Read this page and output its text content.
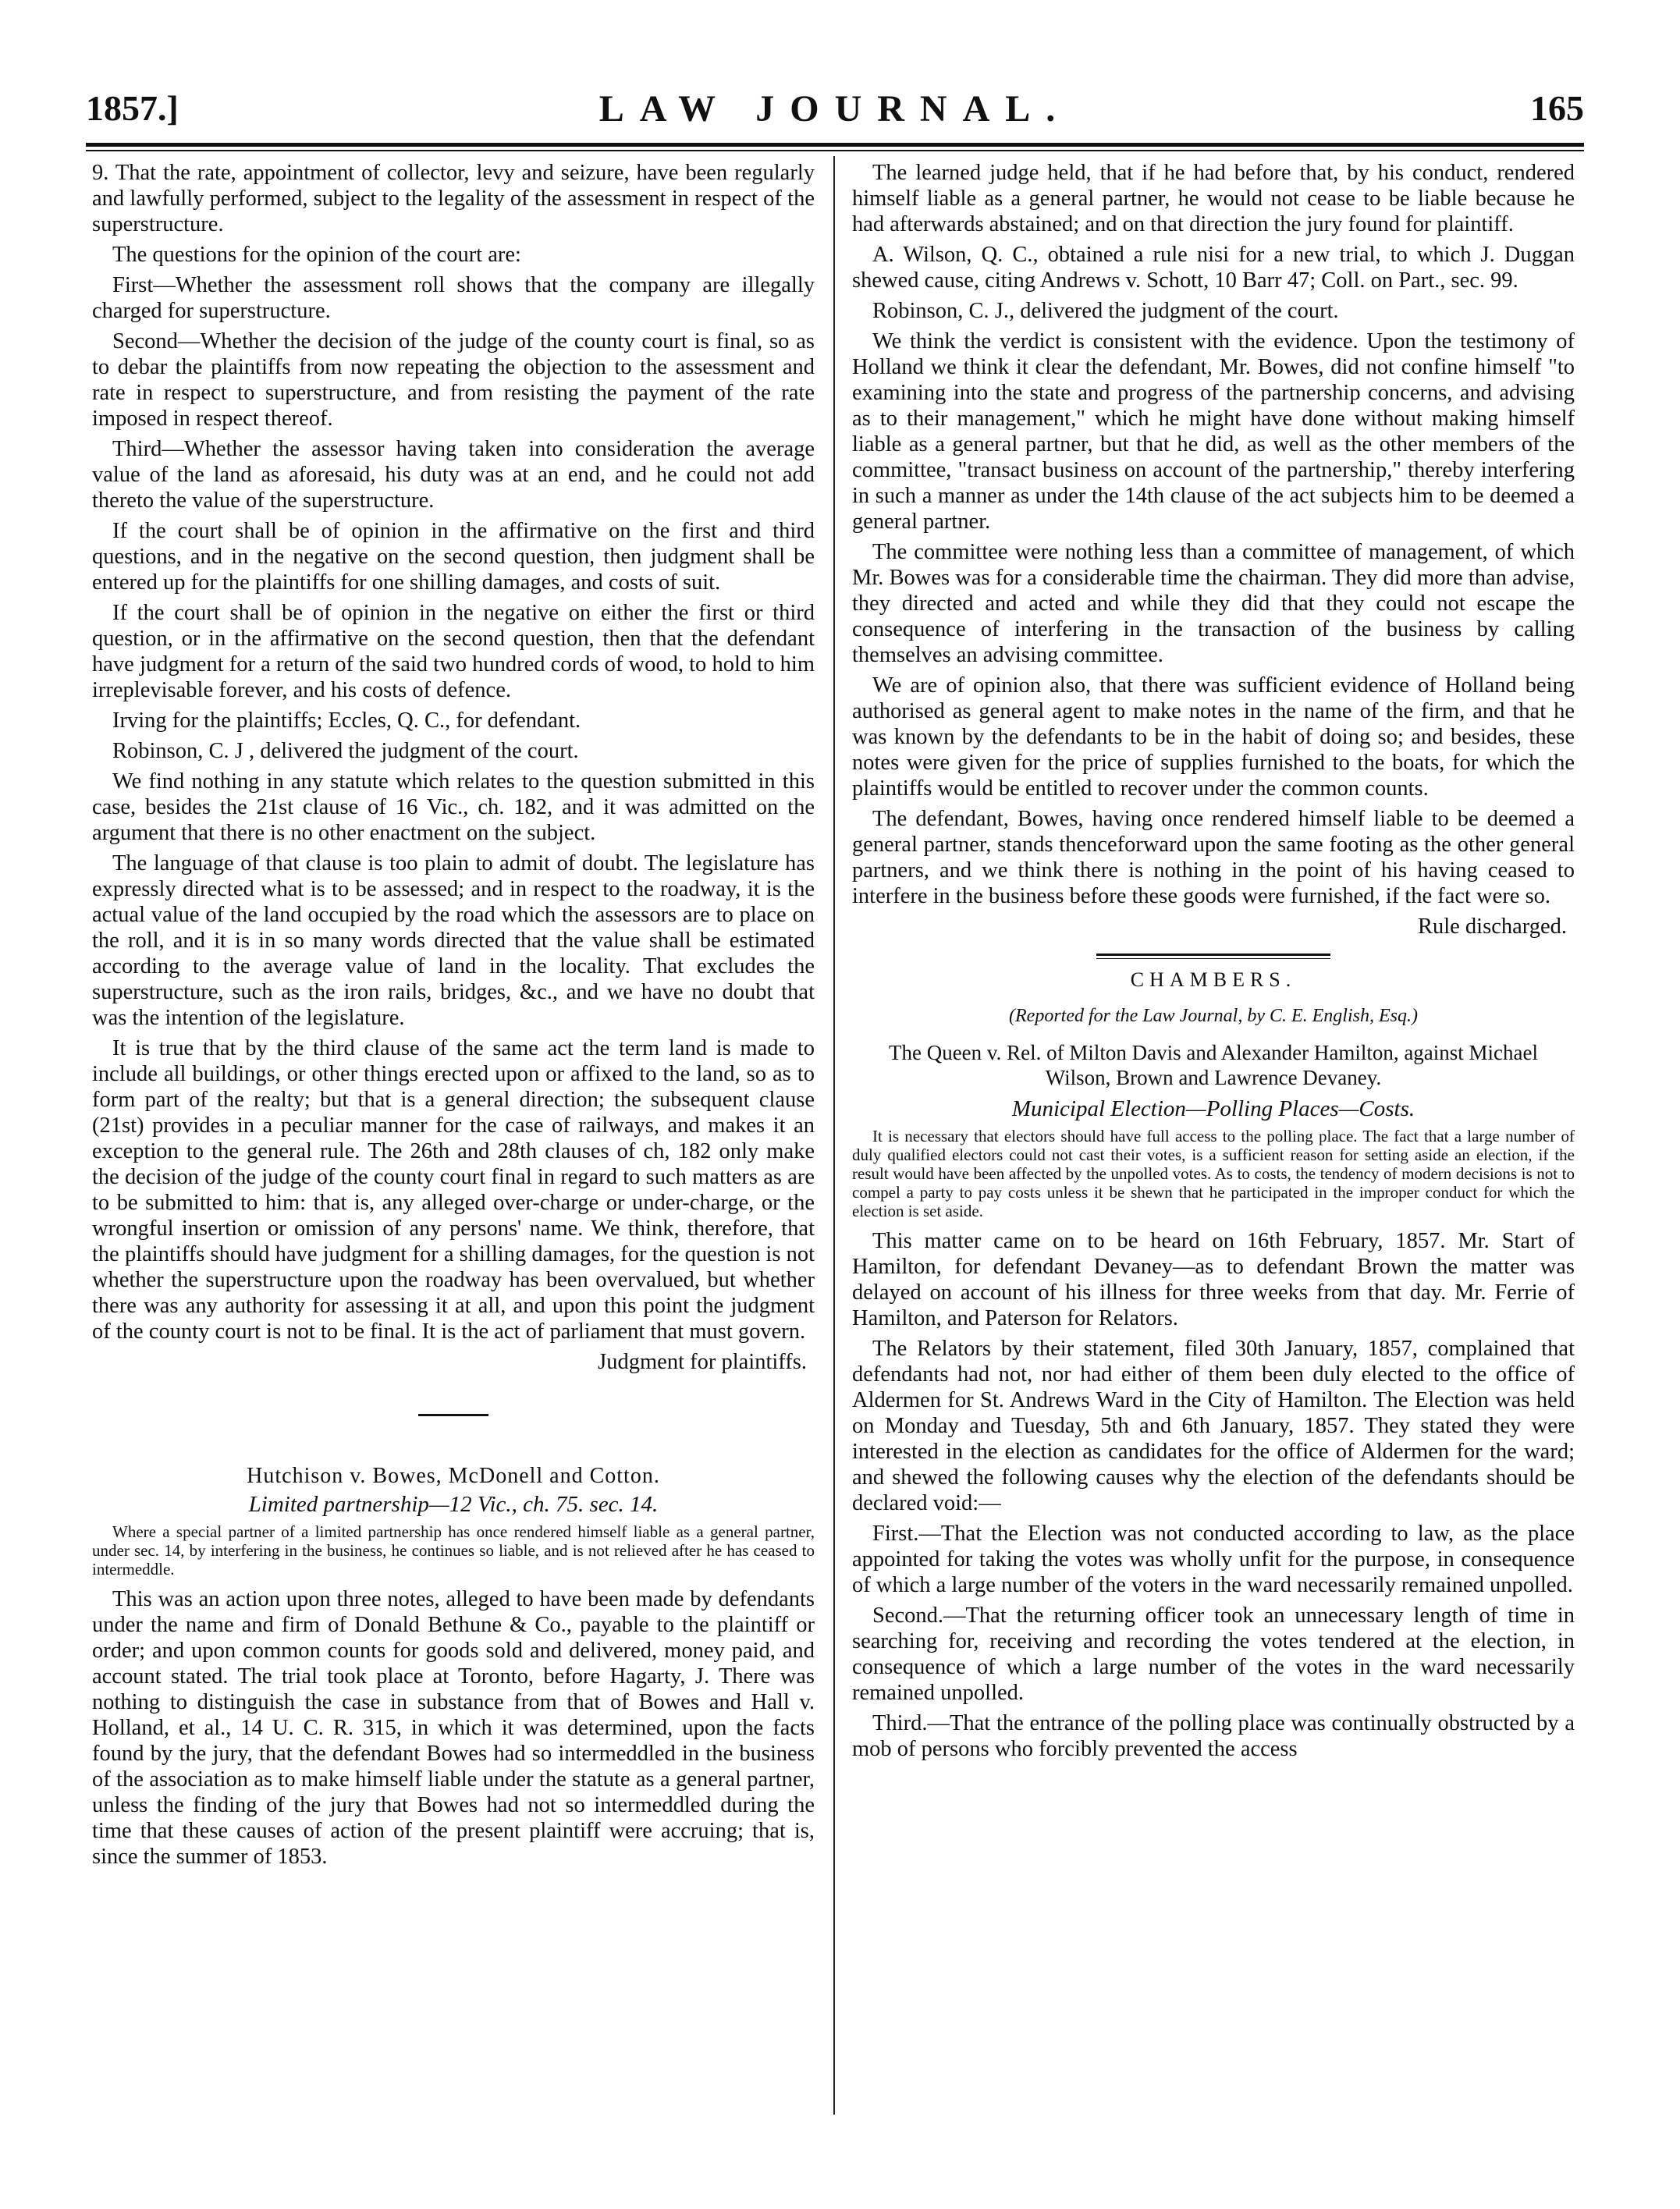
1857.]	LAW JOURNAL.	165

9. That the rate, appointment of collector, levy and seizure, have been regularly and lawfully performed, subject to the legality of the assessment in respect of the superstructure.

The questions for the opinion of the court are:

First—Whether the assessment roll shows that the company are illegally charged for superstructure.

Second—Whether the decision of the judge of the county court is final, so as to debar the plaintiffs from now repeating the objection to the assessment and rate in respect to superstructure, and from resisting the payment of the rate imposed in respect thereof.

Third—Whether the assessor having taken into consideration the average value of the land as aforesaid, his duty was at an end, and he could not add thereto the value of the superstructure.

If the court shall be of opinion in the affirmative on the first and third questions, and in the negative on the second question, then judgment shall be entered up for the plaintiffs for one shilling damages, and costs of suit.

If the court shall be of opinion in the negative on either the first or third question, or in the affirmative on the second question, then that the defendant have judgment for a return of the said two hundred cords of wood, to hold to him irreplevisable forever, and his costs of defence.

Irving for the plaintiffs; Eccles, Q. C., for defendant.

Robinson, C. J , delivered the judgment of the court.

We find nothing in any statute which relates to the question submitted in this case, besides the 21st clause of 16 Vic., ch. 182, and it was admitted on the argument that there is no other enactment on the subject.

The language of that clause is too plain to admit of doubt. The legislature has expressly directed what is to be assessed; and in respect to the roadway, it is the actual value of the land occupied by the road which the assessors are to place on the roll, and it is in so many words directed that the value shall be estimated according to the average value of land in the locality. That excludes the superstructure, such as the iron rails, bridges, &c., and we have no doubt that was the intention of the legislature.

It is true that by the third clause of the same act the term land is made to include all buildings, or other things erected upon or affixed to the land, so as to form part of the realty; but that is a general direction; the subsequent clause (21st) provides in a peculiar manner for the case of railways, and makes it an exception to the general rule. The 26th and 28th clauses of ch, 182 only make the decision of the judge of the county court final in regard to such matters as are to be submitted to him: that is, any alleged over-charge or under-charge, or the wrongful insertion or omission of any persons' name. We think, therefore, that the plaintiffs should have judgment for a shilling damages, for the question is not whether the superstructure upon the roadway has been overvalued, but whether there was any authority for assessing it at all, and upon this point the judgment of the county court is not to be final. It is the act of parliament that must govern.

Judgment for plaintiffs.

Hutchison v. Bowes, McDonell and Cotton.

Limited partnership—12 Vic., ch. 75. sec. 14.

Where a special partner of a limited partnership has once rendered himself liable as a general partner, under sec. 14, by interfering in the business, he continues so liable, and is not relieved after he has ceased to intermeddle.

This was an action upon three notes, alleged to have been made by defendants under the name and firm of Donald Bethune & Co., payable to the plaintiff or order; and upon common counts for goods sold and delivered, money paid, and account stated. The trial took place at Toronto, before Hagarty, J. There was nothing to distinguish the case in substance from that of Bowes and Hall v. Holland, et al., 14 U. C. R. 315, in which it was determined, upon the facts found by the jury, that the defendant Bowes had so intermeddled in the business of the association as to make himself liable under the statute as a general partner, unless the finding of the jury that Bowes had not so intermeddled during the time that these causes of action of the present plaintiff were accruing; that is, since the summer of 1853.

The learned judge held, that if he had before that, by his conduct, rendered himself liable as a general partner, he would not cease to be liable because he had afterwards abstained; and on that direction the jury found for plaintiff.

A. Wilson, Q. C., obtained a rule nisi for a new trial, to which J. Duggan shewed cause, citing Andrews v. Schott, 10 Barr 47; Coll. on Part., sec. 99.

Robinson, C. J., delivered the judgment of the court.

We think the verdict is consistent with the evidence. Upon the testimony of Holland we think it clear the defendant, Mr. Bowes, did not confine himself "to examining into the state and progress of the partnership concerns, and advising as to their management," which he might have done without making himself liable as a general partner, but that he did, as well as the other members of the committee, "transact business on account of the partnership," thereby interfering in such a manner as under the 14th clause of the act subjects him to be deemed a general partner.

The committee were nothing less than a committee of management, of which Mr. Bowes was for a considerable time the chairman. They did more than advise, they directed and acted and while they did that they could not escape the consequence of interfering in the transaction of the business by calling themselves an advising committee.

We are of opinion also, that there was sufficient evidence of Holland being authorised as general agent to make notes in the name of the firm, and that he was known by the defendants to be in the habit of doing so; and besides, these notes were given for the price of supplies furnished to the boats, for which the plaintiffs would be entitled to recover under the common counts.

The defendant, Bowes, having once rendered himself liable to be deemed a general partner, stands thenceforward upon the same footing as the other general partners, and we think there is nothing in the point of his having ceased to interfere in the business before these goods were furnished, if the fact were so.

Rule discharged.

CHAMBERS.

(Reported for the Law Journal, by C. E. English, Esq.)

The Queen v. Rel. of Milton Davis and Alexander Hamilton, against Michael Wilson, Brown and Lawrence Devaney.

Municipal Election—Polling Places—Costs.

It is necessary that electors should have full access to the polling place. The fact that a large number of duly qualified electors could not cast their votes, is a sufficient reason for setting aside an election, if the result would have been affected by the unpolled votes. As to costs, the tendency of modern decisions is not to compel a party to pay costs unless it be shewn that he participated in the improper conduct for which the election is set aside.

This matter came on to be heard on 16th February, 1857. Mr. Start of Hamilton, for defendant Devaney—as to defendant Brown the matter was delayed on account of his illness for three weeks from that day. Mr. Ferrie of Hamilton, and Paterson for Relators.

The Relators by their statement, filed 30th January, 1857, complained that defendants had not, nor had either of them been duly elected to the office of Aldermen for St. Andrews Ward in the City of Hamilton. The Election was held on Monday and Tuesday, 5th and 6th January, 1857. They stated they were interested in the election as candidates for the office of Aldermen for the ward; and shewed the following causes why the election of the defendants should be declared void:—

First.—That the Election was not conducted according to law, as the place appointed for taking the votes was wholly unfit for the purpose, in consequence of which a large number of the voters in the ward necessarily remained unpolled.

Second.—That the returning officer took an unnecessary length of time in searching for, receiving and recording the votes tendered at the election, in consequence of which a large number of the votes in the ward necessarily remained unpolled.

Third.—That the entrance of the polling place was continually obstructed by a mob of persons who forcibly prevented the access
